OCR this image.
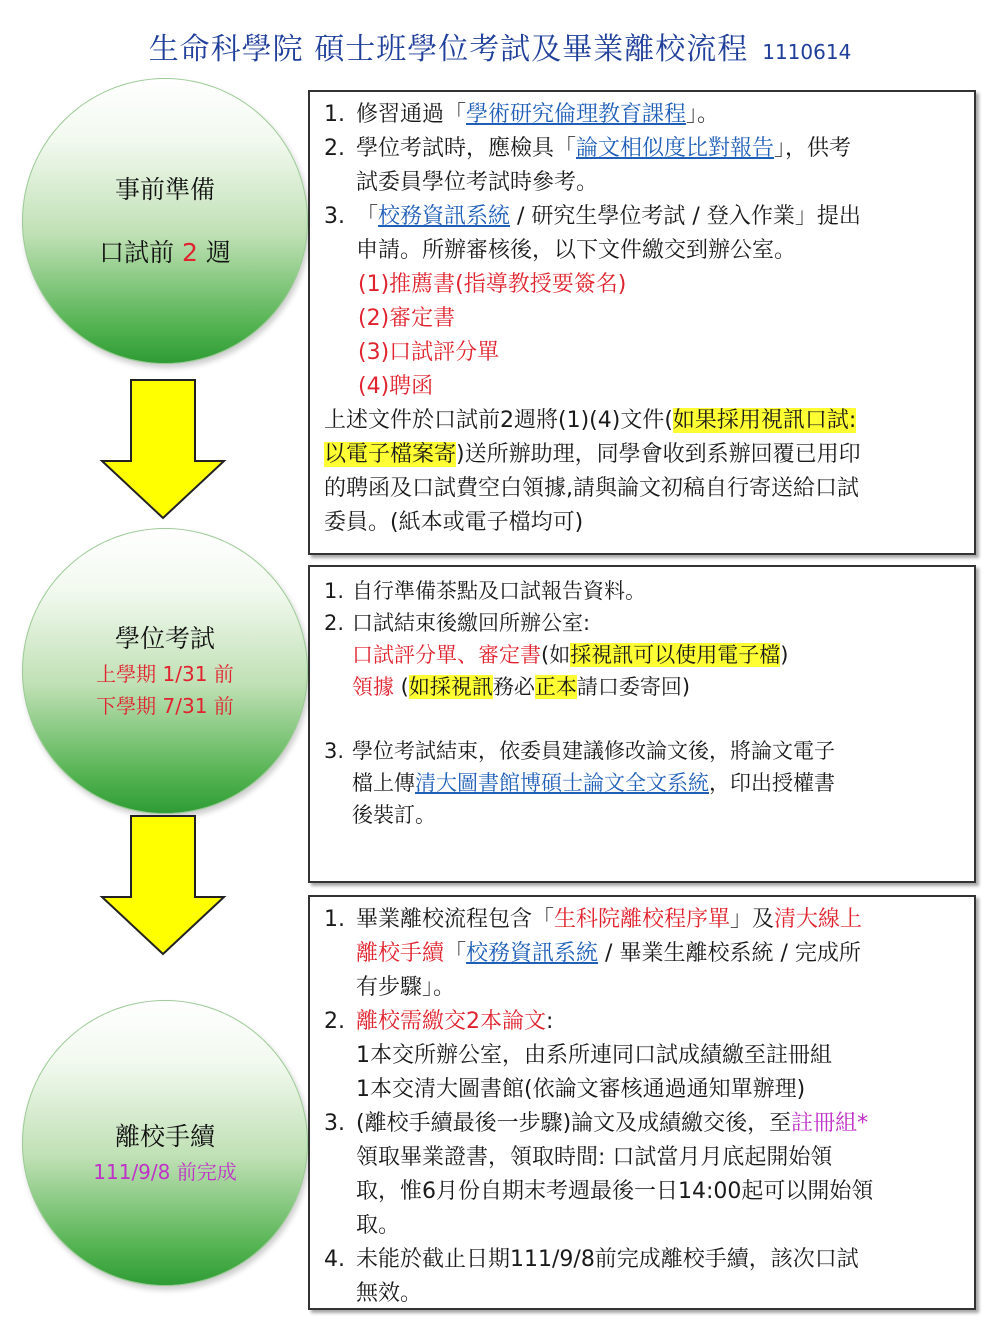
生命科學院 碩士班學位考試及畢業離校流程 1110614
事前準備
口試前 2 週
學位考試
上學期 1/31 前
下學期 7/31 前
離校手續
111/9/8 前完成
1. 修習通過「學術研究倫理教育課程」。
2. 學位考試時，應檢具「論文相似度比對報告」，供考
試委員學位考試時參考。
3. 「校務資訊系統 / 研究生學位考試 / 登入作業」提出
申請。所辦審核後，以下文件繳交到辦公室。
(1)推薦書(指導教授要簽名)
(2)審定書
(3)口試評分單
(4)聘函
上述文件於口試前2週將(1)(4)文件(如果採用視訊口試:
以電子檔案寄)送所辦助理，同學會收到系辦回覆已用印
的聘函及口試費空白領據,請與論文初稿自行寄送給口試
委員。(紙本或電子檔均可)
1. 自行準備茶點及口試報告資料。
2. 口試結束後繳回所辦公室:
口試評分單、審定書(如採視訊可以使用電子檔)
領據 (如採視訊務必正本請口委寄回)
3. 學位考試結束，依委員建議修改論文後，將論文電子
檔上傳清大圖書館博碩士論文全文系統，印出授權書
後裝訂。
1. 畢業離校流程包含「生科院離校程序單」及清大線上
離校手續「校務資訊系統 / 畢業生離校系統 / 完成所
有步驟」。
2. 離校需繳交2本論文:
1本交所辦公室，由系所連同口試成績繳至註冊組
1本交清大圖書館(依論文審核通過通知單辦理)
3. (離校手續最後一步驟)論文及成績繳交後，至註冊組*
領取畢業證書，領取時間: 口試當月月底起開始領
取，惟6月份自期末考週最後一日14:00起可以開始領
取。
4. 未能於截止日期111/9/8前完成離校手續，該次口試
無效。
